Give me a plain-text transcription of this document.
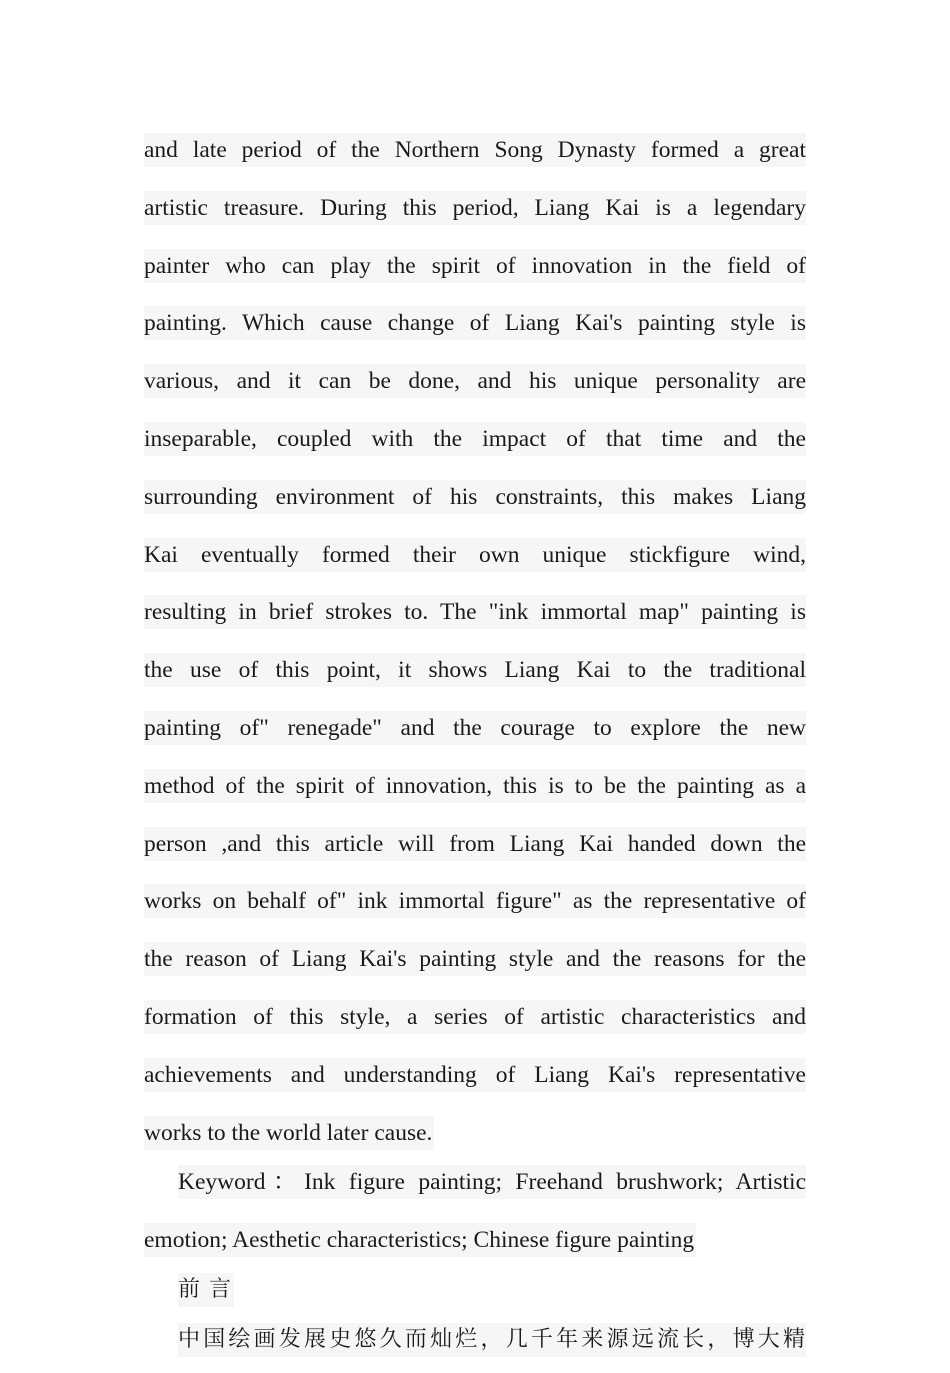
and late period of the Northern Song Dynasty formed a great
artistic treasure. During this period, Liang Kai is a legendary
painter who can play the spirit of innovation in the field of
painting. Which cause change of Liang Kai's painting style is
various, and it can be done, and his unique personality are
inseparable, coupled with the impact of that time and the
surrounding environment of his constraints, this makes Liang
Kai eventually formed their own unique stickfigure wind,
resulting in brief strokes to. The "ink immortal map" painting is
the use of this point, it shows Liang Kai to the traditional
painting of" renegade" and the courage to explore the new
method of the spirit of innovation, this is to be the painting as a
person ,and this article will from Liang Kai handed down the
works on behalf of" ink immortal figure" as the representative of
the reason of Liang Kai's painting style and the reasons for the
formation of this style, a series of artistic characteristics and
achievements and understanding of Liang Kai's representative
works to the world later cause.
Keyword：Ink figure painting; Freehand brushwork; Artistic
emotion; Aesthetic characteristics; Chinese figure painting
前 言
中国绘画发展史悠久而灿烂，几千年来源远流长，博大精
